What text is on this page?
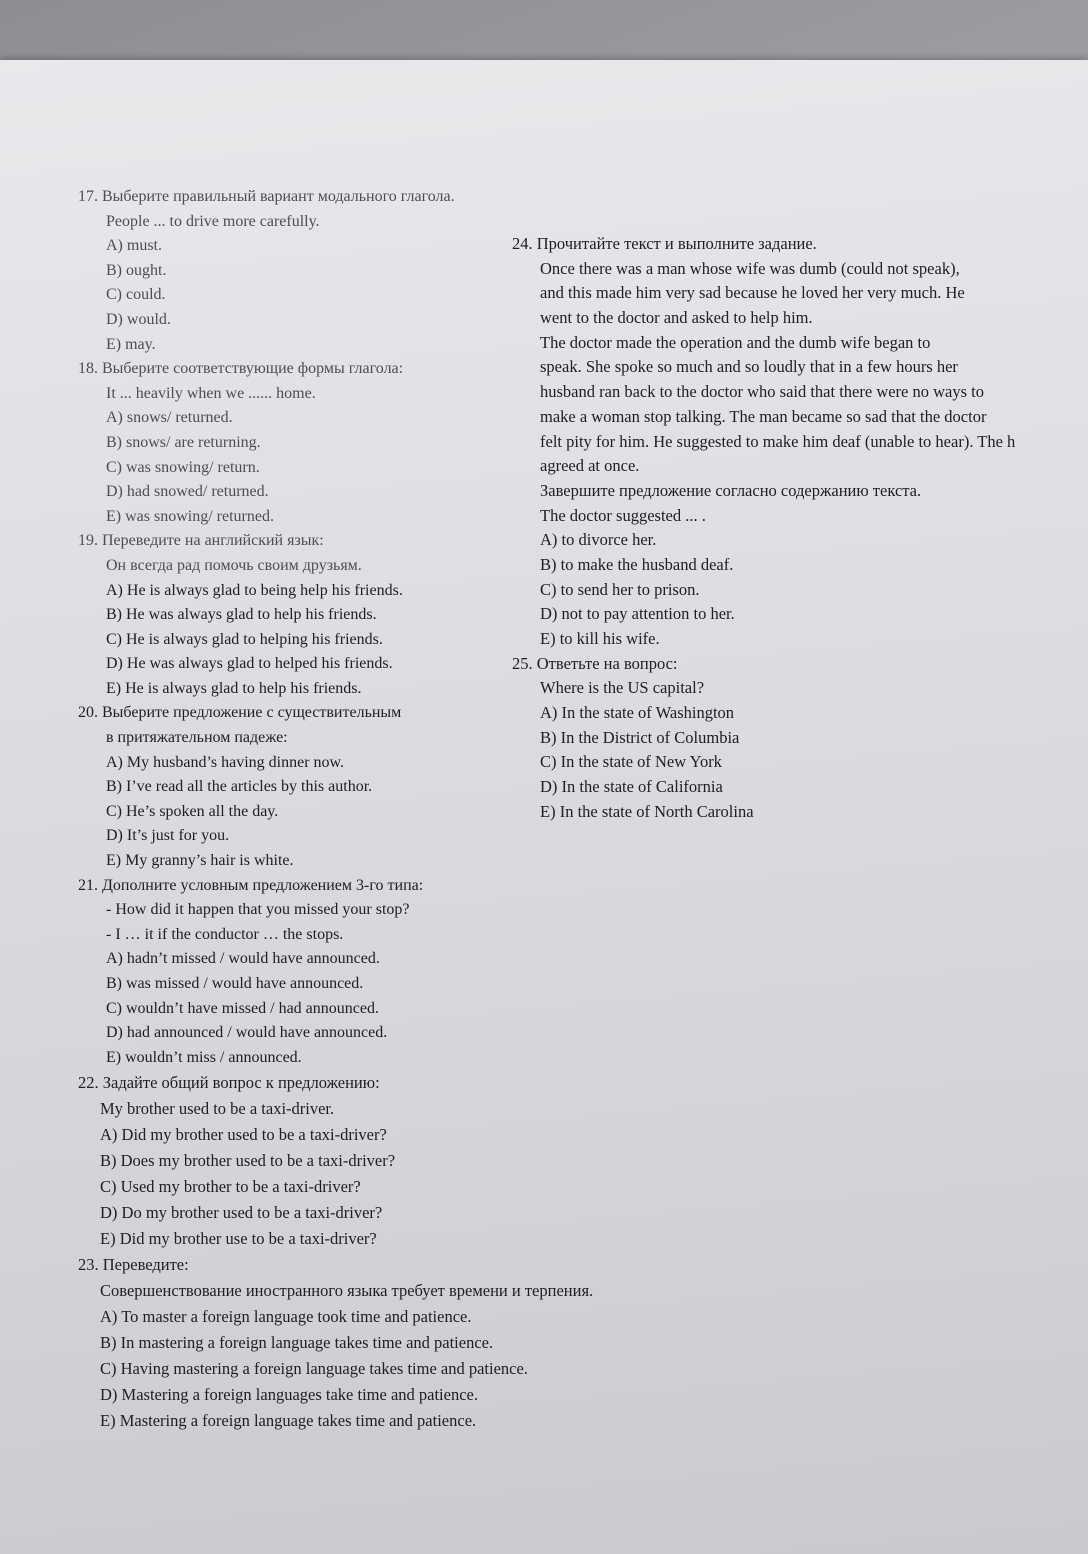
17. Выберите правильный вариант модального глагола.
People ... to drive more carefully.
A) must.
B) ought.
C) could.
D) would.
E) may.
18. Выберите соответствующие формы глагола:
It ... heavily when we ...... home.
A) snows/ returned.
B) snows/ are returning.
C) was snowing/ return.
D) had snowed/ returned.
E) was snowing/ returned.
19. Переведите на английский язык:
Он всегда рад помочь своим друзьям.
A) He is always glad to being help his friends.
B) He was always glad to help his friends.
C) He is always glad to helping his friends.
D) He was always glad to helped his friends.
E) He is always glad to help his friends.
20. Выберите предложение с существительным
в притяжательном падеже:
A) My husband’s having dinner now.
B) I’ve read all the articles by this author.
C) He’s spoken all the day.
D) It’s just for you.
E) My granny’s hair is white.
21. Дополните условным предложением 3-го типа:
- How did it happen that you missed your stop?
- I … it if the conductor … the stops.
A) hadn’t missed / would have announced.
B) was missed / would have announced.
C) wouldn’t have missed / had announced.
D) had announced / would have announced.
E) wouldn’t miss / announced.
22. Задайте общий вопрос к предложению:
My brother used to be a taxi-driver.
A) Did my brother used to be a taxi-driver?
B) Does my brother used to be a taxi-driver?
C) Used my brother to be a taxi-driver?
D) Do my brother used to be a taxi-driver?
E) Did my brother use to be a taxi-driver?
23. Переведите:
Совершенствование иностранного языка требует времени и терпения.
A) To master a foreign language took time and patience.
B) In mastering a foreign language takes time and patience.
C) Having mastering a foreign language takes time and patience.
D) Mastering a foreign languages take time and patience.
E) Mastering a foreign language takes time and patience.
24. Прочитайте текст и выполните задание.
Once there was a man whose wife was dumb (could not speak),
and this made him very sad because he loved her very much. He
went to the doctor and asked to help him.
The doctor made the operation and the dumb wife began to
speak. She spoke so much and so loudly that in a few hours her
husband ran back to the doctor who said that there were no ways to
make a woman stop talking. The man became so sad that the doctor
felt pity for him. He suggested to make him deaf (unable to hear). The h
agreed at once.
Завершите предложение согласно содержанию текста.
The doctor suggested ... .
A) to divorce her.
B) to make the husband deaf.
C) to send her to prison.
D) not to pay attention to her.
E) to kill his wife.
25. Ответьте на вопрос:
Where is the US capital?
A) In the state of Washington
B) In the District of Columbia
C) In the state of New York
D) In the state of California
E) In the state of North Carolina
